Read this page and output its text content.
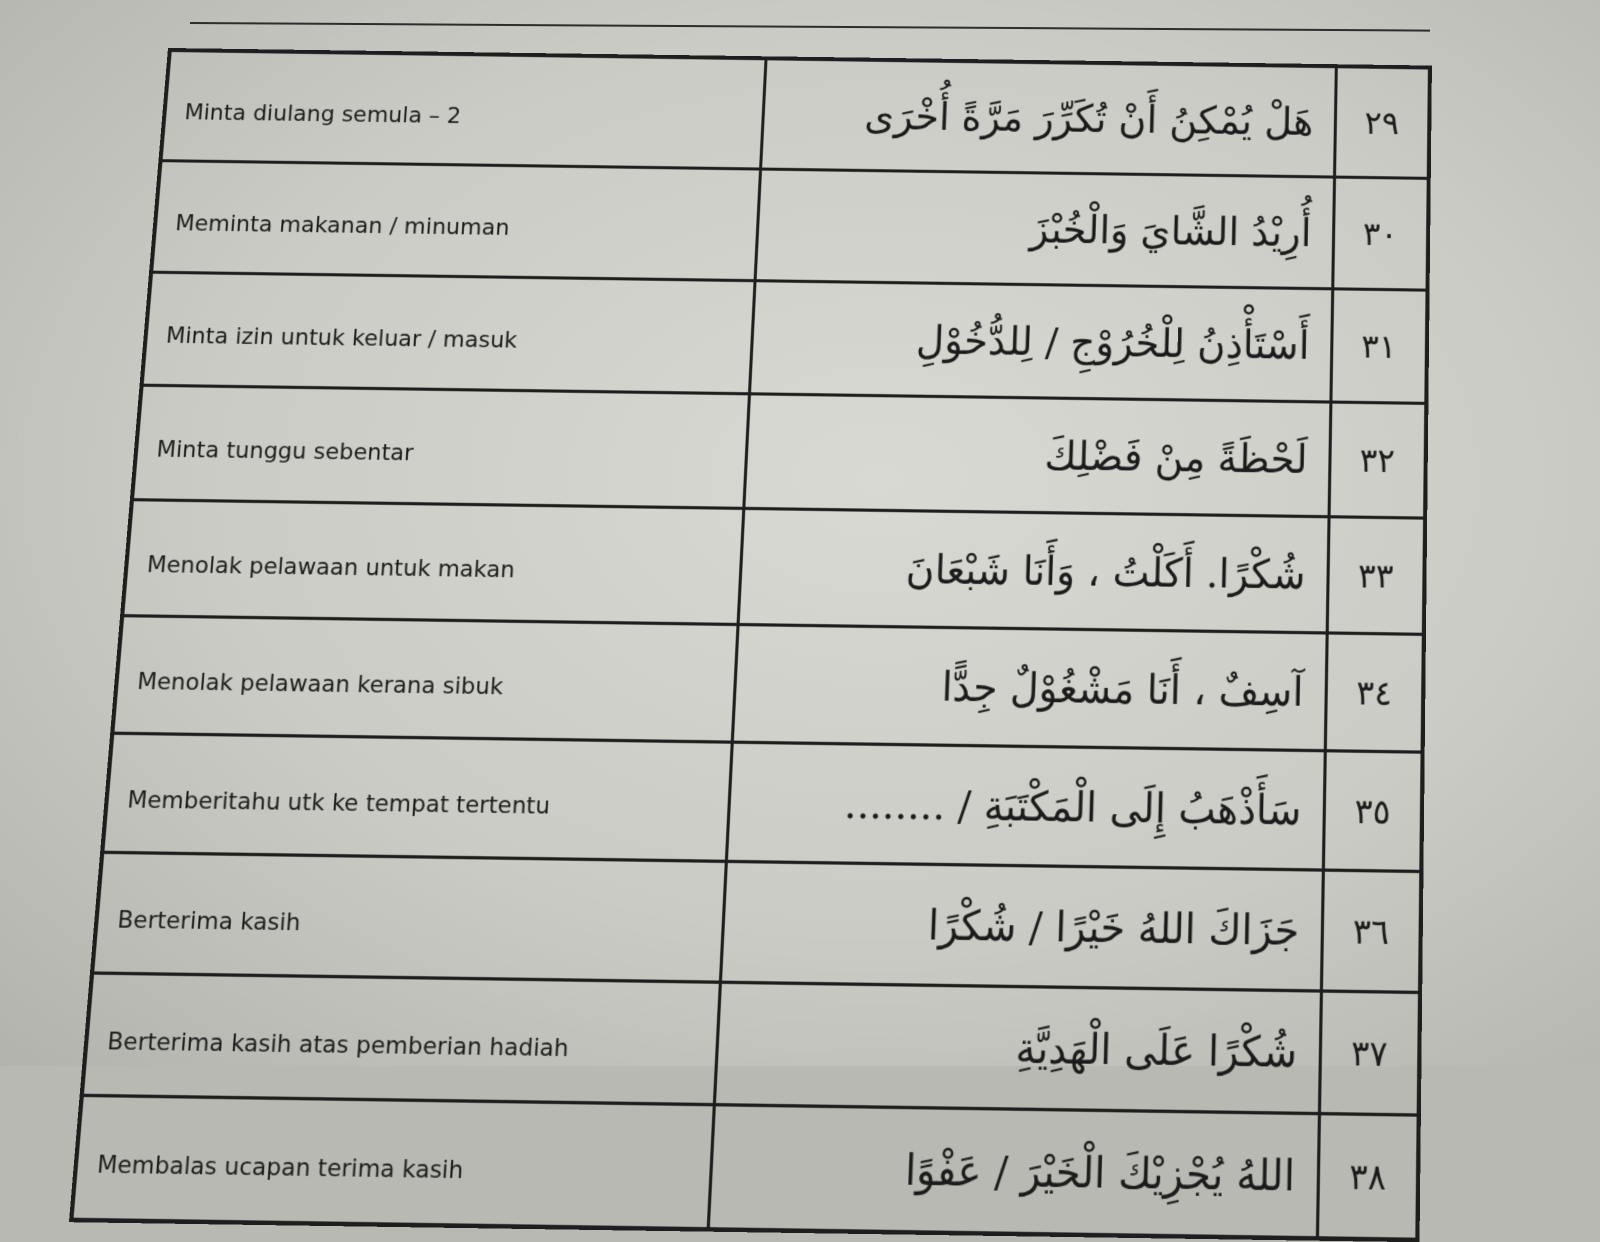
Minta diulang semula – 2	هَلْ يُمْكِنُ أَنْ تُكَرِّرَ مَرَّةً أُخْرَى	٢٩
Meminta makanan / minuman	أُرِيْدُ الشَّايَ وَالْخُبْزَ	٣٠
Minta izin untuk keluar / masuk	أَسْتَأْذِنُ لِلْخُرُوْجِ / لِلدُّخُوْلِ	٣١
Minta tunggu sebentar	لَحْظَةً مِنْ فَضْلِكَ	٣٢
Menolak pelawaan untuk makan	شُكْرًا. أَكَلْتُ ، وَأَنَا شَبْعَانَ	٣٣
Menolak pelawaan kerana sibuk	آسِفٌ ، أَنَا مَشْغُوْلٌ جِدًّا	٣٤
Memberitahu utk ke tempat tertentu	سَأَذْهَبُ إِلَى الْمَكْتَبَةِ / ........	٣٥
Berterima kasih	جَزَاكَ اللهُ خَيْرًا / شُكْرًا	٣٦
Berterima kasih atas pemberian hadiah	شُكْرًا عَلَى الْهَدِيَّةِ	٣٧
Membalas ucapan terima kasih	اللهُ يُجْزِيْكَ الْخَيْرَ / عَفْوًا	٣٨
